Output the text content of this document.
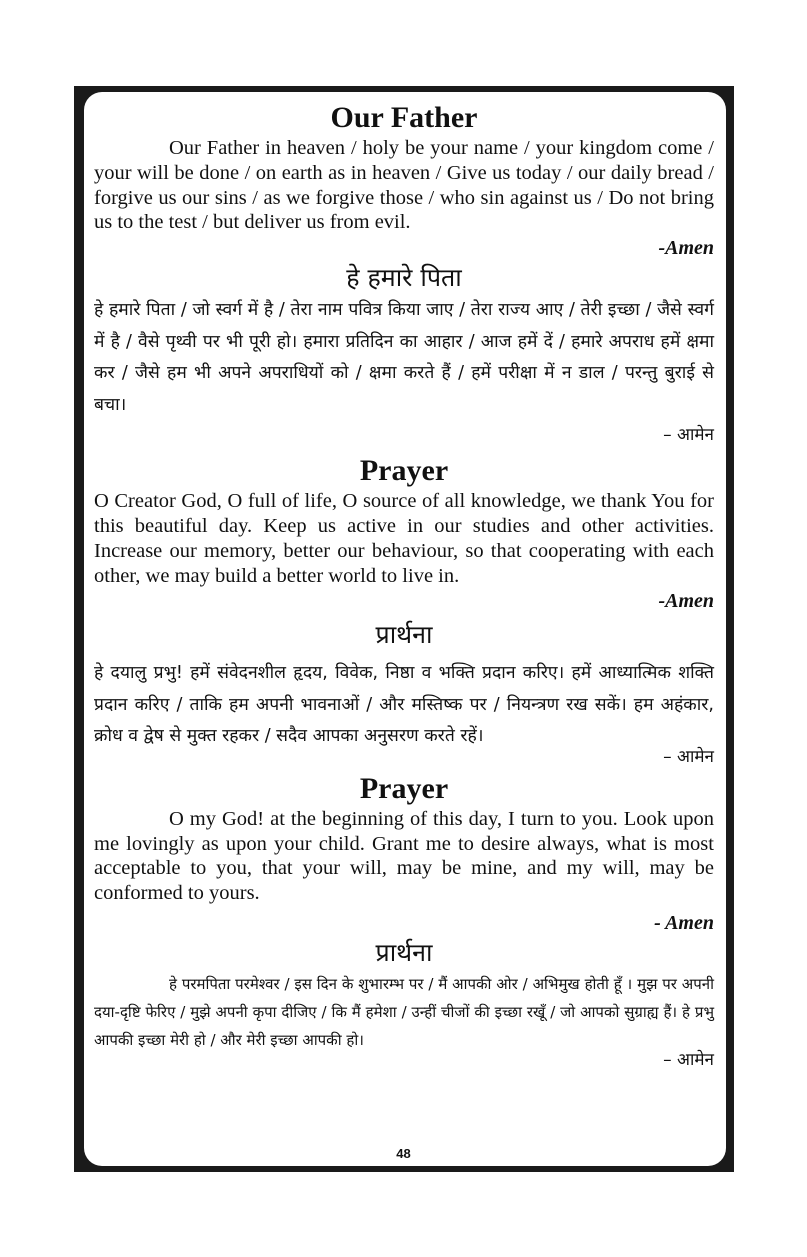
Our Father

Our Father in heaven / holy be your name / your kingdom come / your will be done / on earth as in heaven / Give us today / our daily bread / forgive us our sins / as we forgive those / who sin against us / Do not bring us to the test / but deliver us from evil.

-Amen
हे हमारे पिता

हे हमारे पिता / जो स्वर्ग में है / तेरा नाम पवित्र किया जाए / तेरा राज्य आए / तेरी इच्छा / जैसे स्वर्ग में है / वैसे पृथ्वी पर भी पूरी हो। हमारा प्रतिदिन का आहार / आज हमें दें / हमारे अपराध हमें क्षमा कर / जैसे हम भी अपने अपराधियों को / क्षमा करते हैं / हमें परीक्षा में न डाल / परन्तु बुराई से बचा।

– आमेन
Prayer

O Creator God, O full of life, O source of all knowledge, we thank You for this beautiful day. Keep us active in our studies and other activities. Increase our memory, better our behaviour, so that cooperating with each other, we may build a better world to live in.

-Amen
प्रार्थना

हे दयालु प्रभु! हमें संवेदनशील हृदय, विवेक, निष्ठा व भक्ति प्रदान करिए। हमें आध्यात्मिक शक्ति प्रदान करिए / ताकि हम अपनी भावनाओं / और मस्तिष्क पर / नियन्त्रण रख सकें। हम अहंकार, क्रोध व द्वेष से मुक्त रहकर / सदैव आपका अनुसरण करते रहें।

– आमेन
Prayer

O my God! at the beginning of this day, I turn to you. Look upon me lovingly as upon your child. Grant me to desire always, what is most acceptable to you, that your will, may be mine, and my will, may be conformed to yours.

- Amen
प्रार्थना

हे परमपिता परमेश्वर / इस दिन के शुभारम्भ पर / मैं आपकी ओर / अभिमुख होती हूँ । मुझ पर अपनी दया-दृष्टि फेरिए / मुझे अपनी कृपा दीजिए / कि मैं हमेशा / उन्हीं चीजों की इच्छा रखूँ / जो आपको सुग्राह्य हैं। हे प्रभु आपकी इच्छा मेरी हो / और मेरी इच्छा आपकी हो।

– आमेन
48
